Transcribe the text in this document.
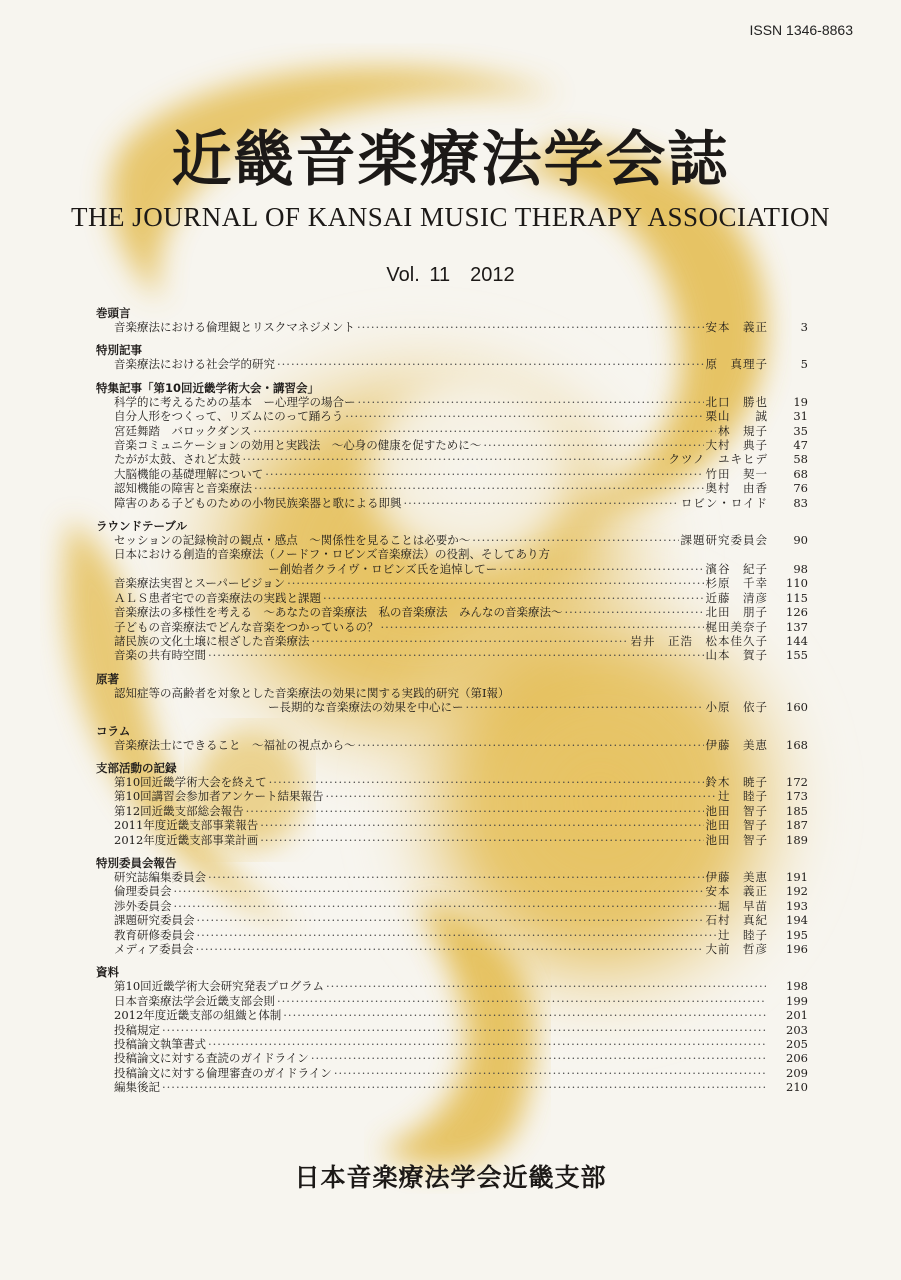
ISSN 1346-8863
近畿音楽療法学会誌
THE JOURNAL OF KANSAI MUSIC THERAPY ASSOCIATION
Vol. 11　2012
巻頭言
音楽療法における倫理観とリスクマネジメント ·····	安本　義正	3
特別記事
音楽療法における社会学的研究 ·····	原　真理子	5
特集記事「第10回近畿学術大会・講習会」
科学的に考えるための基本　ー心理学の場合ー ·····	北口　勝也	19
自分人形をつくって、リズムにのって踊ろう ·····	栗山　　誠	31
宮廷舞踏　バロックダンス ·····	林　規子	35
音楽コミュニケーションの効用と実践法　〜心身の健康を促すために〜 ·····	大村　典子	47
たがが太鼓、されど太鼓 ·····	クツノ　ユキヒデ	58
大脳機能の基礎理解について ·····	竹田　契一	68
認知機能の障害と音楽療法 ·····	奥村　由香	76
障害のある子どものための小物民族楽器と歌による即興 ·····	ロビン・ロイド	83
ラウンドテーブル
セッションの記録検討の観点・感点　〜関係性を見ることは必要か〜 ·····	課題研究委員会	90
日本における創造的音楽療法（ノードフ・ロビンズ音楽療法）の役割、そしてあり方
ー創始者クライヴ・ロビンズ氏を追悼してー ·····	濱谷　紀子	98
音楽療法実習とスーパービジョン ·····	杉原　千幸	110
ＡＬＳ患者宅での音楽療法の実践と課題 ·····	近藤　清彦	115
音楽療法の多様性を考える　〜あなたの音楽療法　私の音楽療法　みんなの音楽療法〜 ·····	北田　朋子	126
子どもの音楽療法でどんな音楽をつかっているの？ ·····	梶田美奈子	137
諸民族の文化土壌に根ざした音楽療法 ·····	岩井　正浩　松本佳久子	144
音楽の共有時空間 ·····	山本　賀子	155
原著
認知症等の高齢者を対象とした音楽療法の効果に関する実践的研究（第Ⅰ報）
ー長期的な音楽療法の効果を中心にー ·····	小原　依子	160
コラム
音楽療法士にできること　〜福祉の視点から〜 ·····	伊藤　美恵	168
支部活動の記録
第10回近畿学術大会を終えて ·····	鈴木　暁子	172
第10回講習会参加者アンケート結果報告 ·····	辻　睦子	173
第12回近畿支部総会報告 ·····	池田　智子	185
2011年度近畿支部事業報告 ·····	池田　智子	187
2012年度近畿支部事業計画 ·····	池田　智子	189
特別委員会報告
研究誌編集委員会 ·····	伊藤　美恵	191
倫理委員会 ·····	安本　義正	192
渉外委員会 ·····	堀　早苗	193
課題研究委員会 ·····	石村　真紀	194
教育研修委員会 ·····	辻　睦子	195
メディア委員会 ·····	大前　哲彦	196
資料
第10回近畿学術大会研究発表プログラム ·····	198
日本音楽療法学会近畿支部会則 ·····	199
2012年度近畿支部の組織と体制 ·····	201
投稿規定 ·····	203
投稿論文執筆書式 ·····	205
投稿論文に対する査読のガイドライン ·····	206
投稿論文に対する倫理審査のガイドライン ·····	209
編集後記 ·····	210
日本音楽療法学会近畿支部
